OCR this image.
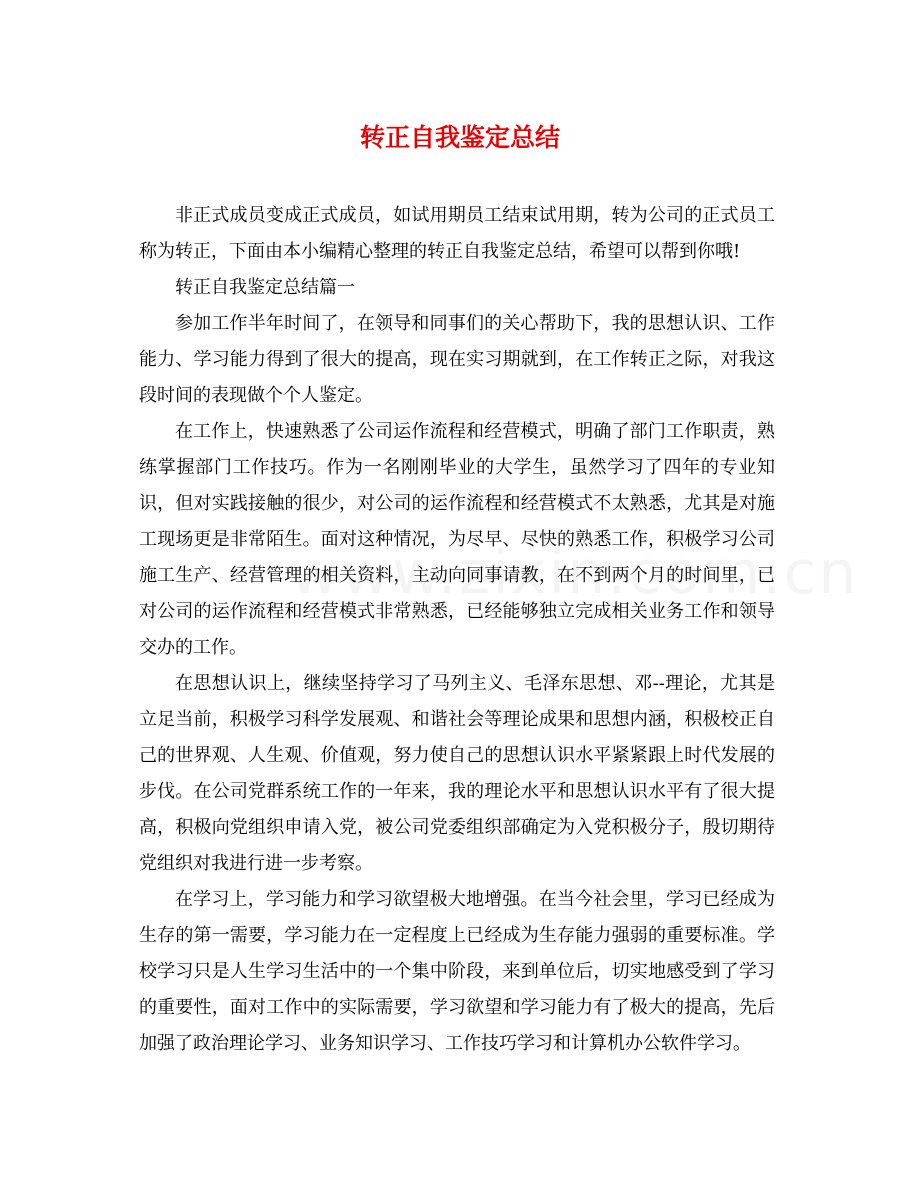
转正自我鉴定总结

非正式成员变成正式成员，如试用期员工结束试用期，转为公司的正式员工称为转正，下面由本小编精心整理的转正自我鉴定总结，希望可以帮到你哦!

转正自我鉴定总结篇一

参加工作半年时间了，在领导和同事们的关心帮助下，我的思想认识、工作能力、学习能力得到了很大的提高，现在实习期就到，在工作转正之际，对我这段时间的表现做个个人鉴定。

在工作上，快速熟悉了公司运作流程和经营模式，明确了部门工作职责，熟练掌握部门工作技巧。作为一名刚刚毕业的大学生，虽然学习了四年的专业知识，但对实践接触的很少，对公司的运作流程和经营模式不太熟悉，尤其是对施工现场更是非常陌生。面对这种情况，为尽早、尽快的熟悉工作，积极学习公司施工生产、经营管理的相关资料，主动向同事请教，在不到两个月的时间里，已对公司的运作流程和经营模式非常熟悉，已经能够独立完成相关业务工作和领导交办的工作。

在思想认识上，继续坚持学习了马列主义、毛泽东思想、邓--理论，尤其是立足当前，积极学习科学发展观、和谐社会等理论成果和思想内涵，积极校正自己的世界观、人生观、价值观，努力使自己的思想认识水平紧紧跟上时代发展的步伐。在公司党群系统工作的一年来，我的理论水平和思想认识水平有了很大提高，积极向党组织申请入党，被公司党委组织部确定为入党积极分子，殷切期待党组织对我进行进一步考察。

在学习上，学习能力和学习欲望极大地增强。在当今社会里，学习已经成为生存的第一需要，学习能力在一定程度上已经成为生存能力强弱的重要标准。学校学习只是人生学习生活中的一个集中阶段，来到单位后，切实地感受到了学习的重要性，面对工作中的实际需要，学习欲望和学习能力有了极大的提高，先后加强了政治理论学习、业务知识学习、工作技巧学习和计算机办公软件学习。
